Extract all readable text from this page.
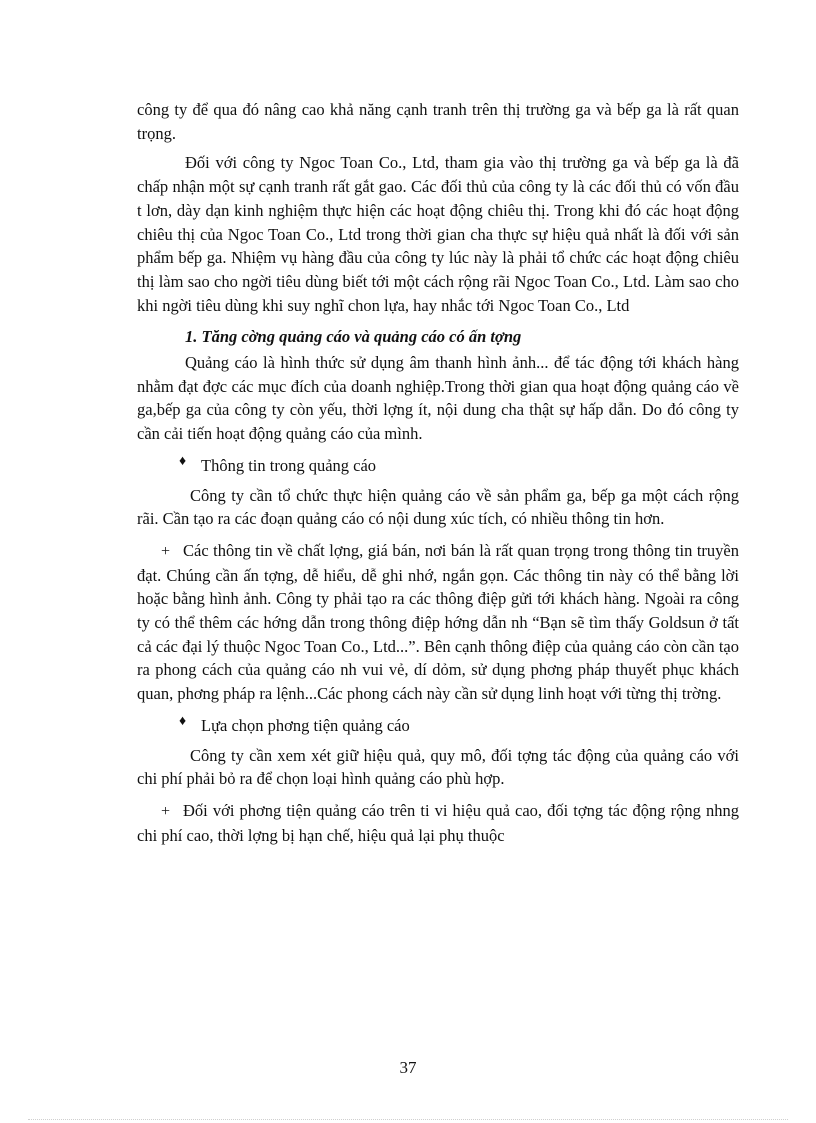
công ty để qua đó nâng cao khả năng cạnh tranh trên thị trường ga và bếp ga là rất quan trọng.

Đối với công ty Ngoc Toan Co., Ltd, tham gia vào thị trường ga và bếp ga là đã chấp nhận một sự cạnh tranh rất gắt gao. Các đối thủ của công ty là các đối thủ có vốn đầu t lơn, dày dạn kinh nghiệm thực hiện các hoạt động chiêu thị. Trong khi đó các hoạt động chiêu thị của Ngoc Toan Co., Ltd trong thời gian cha thực sự hiệu quả nhất là đối với sản phẩm bếp ga. Nhiệm vụ hàng đầu của công ty lúc này là phải tổ chức các hoạt động chiêu thị làm sao cho ngời tiêu dùng biết tới một cách rộng rãi Ngoc Toan Co., Ltd. Làm sao cho khi ngời tiêu dùng khi suy nghĩ chon lựa, hay nhắc tới Ngoc Toan Co., Ltd

1. Tăng cờng quảng cáo và quảng cáo có ấn tợng

Quảng cáo là hình thức sử dụng âm thanh hình ảnh... để tác động tới khách hàng nhằm đạt đợc các mục đích của doanh nghiệp.Trong thời gian qua hoạt động quảng cáo về ga,bếp ga của công ty còn yếu, thời lợng ít, nội dung cha thật sự hấp dẫn. Do đó công ty cần cải tiến hoạt động quảng cáo của mình.

♦ Thông tin trong quảng cáo

Công ty cần tổ chức thực hiện quảng cáo về sản phẩm ga, bếp ga một cách rộng rãi. Cần tạo ra các đoạn quảng cáo có nội dung xúc tích, có nhiều thông tin hơn.

+ Các thông tin về chất lợng, giá bán, nơi bán là rất quan trọng trong thông tin truyền đạt. Chúng cần ấn tợng, dễ hiểu, dễ ghi nhớ, ngắn gọn. Các thông tin này có thể bằng lời hoặc bằng hình ảnh. Công ty phải tạo ra các thông điệp gửi tới khách hàng. Ngoài ra công ty có thể thêm các hớng dẫn trong thông điệp hớng dẫn nh “Bạn sẽ tìm thấy Goldsun ở tất cả các đại lý thuộc Ngoc Toan Co., Ltd...”. Bên cạnh thông điệp của quảng cáo còn cần tạo ra phong cách của quảng cáo nh vui vẻ, dí dỏm, sử dụng phơng pháp thuyết phục khách quan, phơng pháp ra lệnh...Các phong cách này cần sử dụng linh hoạt với từng thị trờng.

♦ Lựa chọn phơng tiện quảng cáo

Công ty cần xem xét giữ hiệu quả, quy mô, đối tợng tác động của quảng cáo với chi phí phải bỏ ra để chọn loại hình quảng cáo phù hợp.

+ Đối với phơng tiện quảng cáo trên ti vi hiệu quả cao, đối tợng tác động rộng nhng chi phí cao, thời lợng bị hạn chế, hiệu quả lại phụ thuộc

37
